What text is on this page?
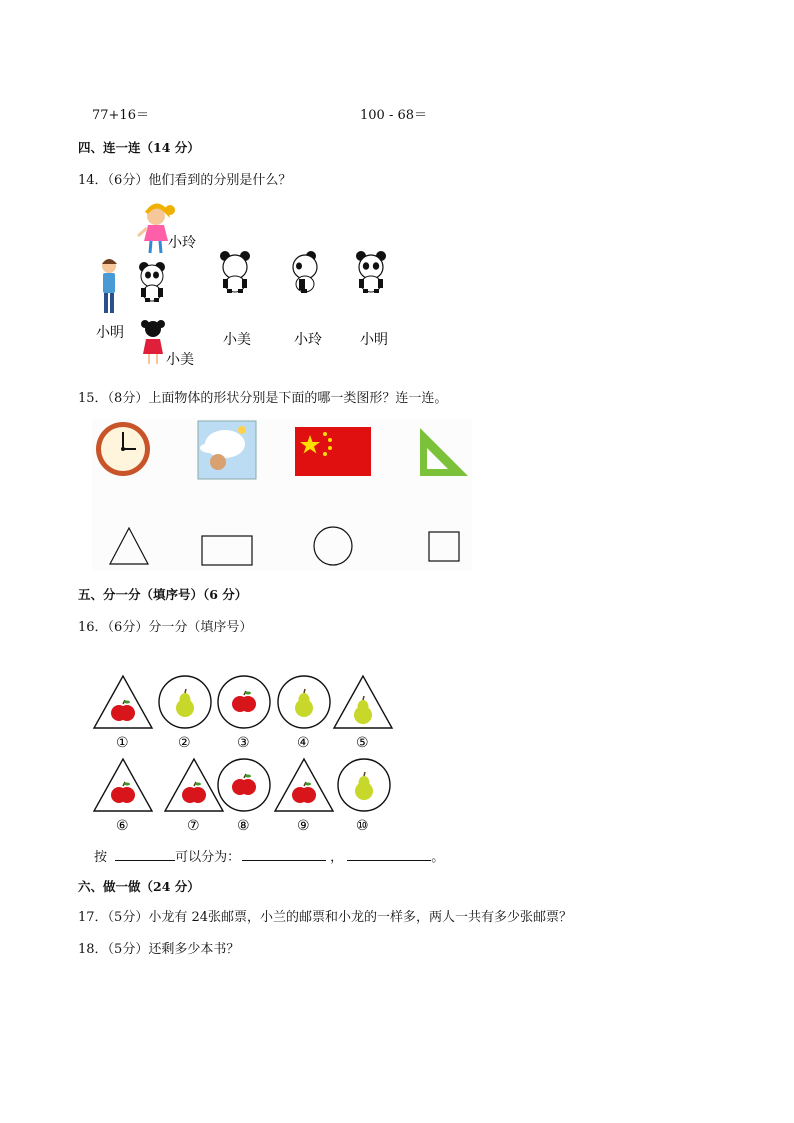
77+16＝	100 - 68＝
四、连一连（14 分）
14．（6分）他们看到的分别是什么？
小玲
小明
小美
小美	小玲	小明
15．（8分）上面物体的形状分别是下面的哪一类图形？连一连。
五、分一分（填序号）（6 分）
16．（6分）分一分（填序号）
①	②	③	④	⑤
⑥	⑦	⑧	⑨	⑩
按	可以分为：	，	。
六、做一做（24 分）
17．（5分）小龙有 24张邮票，小兰的邮票和小龙的一样多，两人一共有多少张邮票？
18．（5分）还剩多少本书？
